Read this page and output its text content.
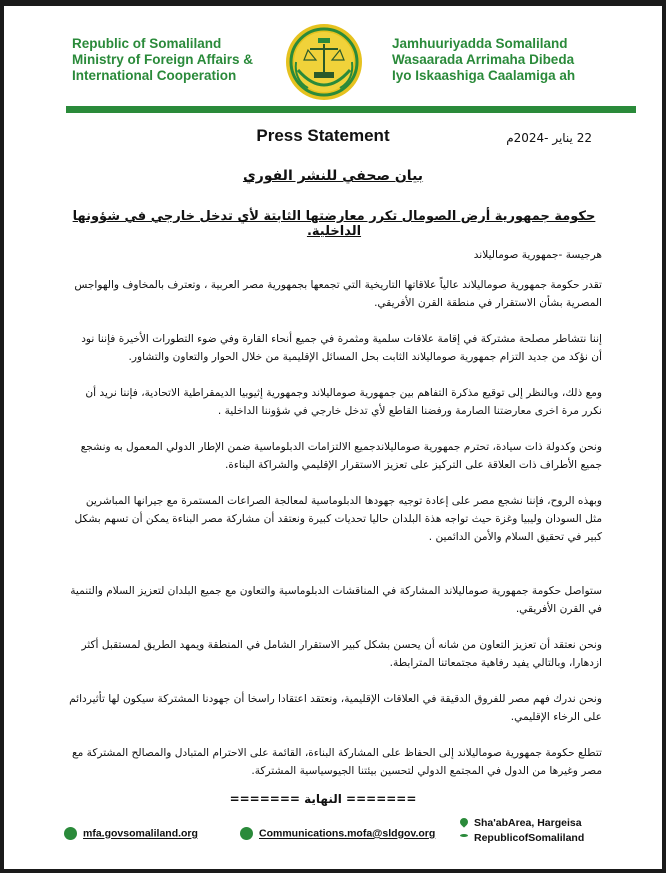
Republic of Somaliland
Ministry of Foreign Affairs &
International Cooperation
Jamhuuriyadda Somaliland
Wasaarada Arrimaha Dibeda
Iyo Iskaashiga Caalamiga ah
Press Statement	22 يناير -2024م
بيان صحفي للنشر الفوري
حكومة جمهورية أرض الصومال تكرر معارضتها الثابتة لأي تدخل خارجي في شؤونها الداخلية.

هرجيسة -جمهورية صوماليلاند

تقدر حكومة جمهورية صوماليلاند عالياً علاقاتها التاريخية التي تجمعها بجمهورية مصر العربية ، وتعترف بالمخاوف والهواجس المصرية بشأن الاستقرار في منطقة القرن الأفريقي.

إننا نتشاطر مصلحة مشتركة في إقامة علاقات سلمية ومثمرة في جميع أنحاء القارة وفي ضوء التطورات الأخيرة فإننا نود أن نؤكد من جديد التزام جمهورية صوماليلاند الثابت بحل المسائل الإقليمية من خلال الحوار والتعاون والتشاور.

ومع ذلك، وبالنظر إلى توقيع مذكرة التفاهم بين جمهورية صوماليلاند وجمهورية إثيوبيا الديمقراطية الاتحادية، فإننا نريد أن نكرر مرة اخرى معارضتنا الصارمة ورفضنا القاطع لأي تدخل خارجي في شؤوننا الداخلية .

ونحن وكدولة ذات سيادة، تحترم جمهورية صوماليلاندجميع الالتزامات الدبلوماسية ضمن الإطار الدولي المعمول به ونشجع جميع الأطراف ذات العلاقة على التركيز على تعزيز الاستقرار الإقليمي والشراكة البناءة.

وبهذه الروح، فإننا نشجع مصر على إعادة توجيه جهودها الدبلوماسية لمعالجة الصراعات المستمرة مع جيرانها المباشرين مثل السودان وليبيا وغزة حيث تواجه هذة البلدان حاليا تحديات كبيرة ونعتقد أن مشاركة مصر البناءة يمكن أن تسهم بشكل كبير في تحقيق السلام والأمن الدائمين .

ستواصل حكومة جمهورية صوماليلاند المشاركة في المناقشات الدبلوماسية والتعاون مع جميع البلدان لتعزيز السلام والتنمية في القرن الأفريقي.

ونحن نعتقد أن تعزيز التعاون من شانه أن يحسن بشكل كبير الاستقرار الشامل في المنطقة ويمهد الطريق لمستقبل أكثر ازدهارا، وبالتالي يفيد رفاهية مجتمعاتنا المترابطة.

ونحن ندرك فهم مصر للفروق الدقيقة في العلاقات الإقليمية، ونعتقد اعتقادا راسخا أن جهودنا المشتركة سيكون لها تأثيردائم على الرخاء الإقليمي.

تتطلع حكومة جمهورية صوماليلاند إلى الحفاظ على المشاركة البناءة، القائمة على الاحترام المتبادل والمصالح المشتركة مع مصر وغيرها من الدول في المجتمع الدولي لتحسين بيئتنا الجيوسياسية المشتركة.

======= النهاية =======
mfa.govsomaliland.org	Communications.mofa@sldgov.org
Sha'abArea, Hargeisa
RepublicofSomaliland
